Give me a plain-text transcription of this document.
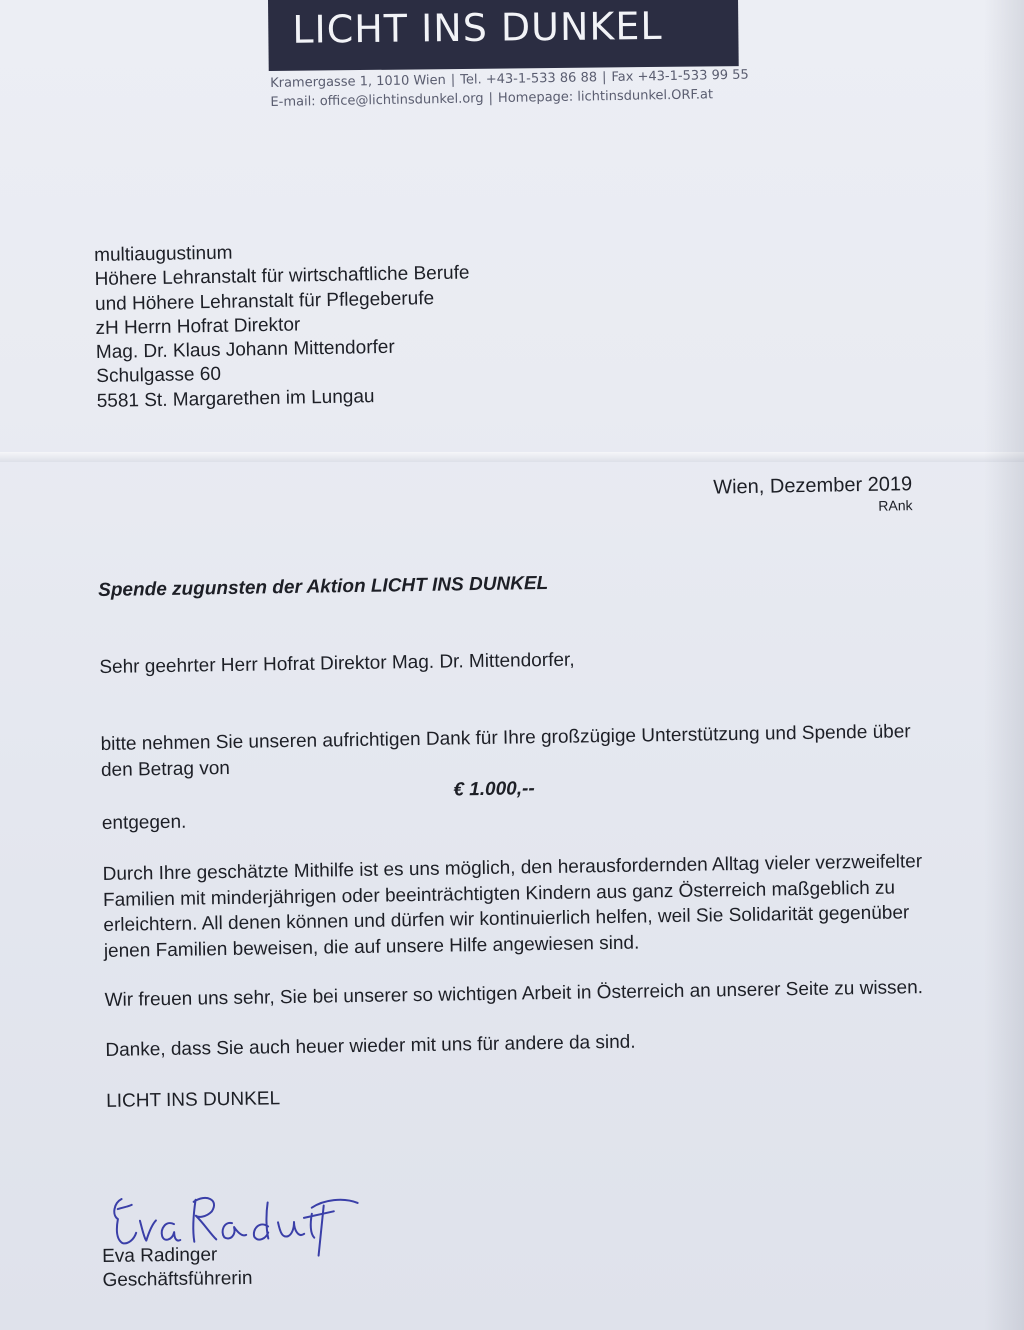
LICHT INS DUNKEL
Kramergasse 1, 1010 Wien | Tel. +43-1-533 86 88 | Fax +43-1-533 99 55
E-mail: office@lichtinsdunkel.org | Homepage: lichtinsdunkel.ORF.at
multiaugustinum
Höhere Lehranstalt für wirtschaftliche Berufe
und Höhere Lehranstalt für Pflegeberufe
zH Herrn Hofrat Direktor
Mag. Dr. Klaus Johann Mittendorfer
Schulgasse 60
5581 St. Margarethen im Lungau
Wien, Dezember 2019
RAnk

Spende zugunsten der Aktion LICHT INS DUNKEL

Sehr geehrter Herr Hofrat Direktor Mag. Dr. Mittendorfer,

bitte nehmen Sie unseren aufrichtigen Dank für Ihre großzügige Unterstützung und Spende über den Betrag von

€ 1.000,--

entgegen.

Durch Ihre geschätzte Mithilfe ist es uns möglich, den herausfordernden Alltag vieler verzweifelter Familien mit minderjährigen oder beeinträchtigten Kindern aus ganz Österreich maßgeblich zu erleichtern. All denen können und dürfen wir kontinuierlich helfen, weil Sie Solidarität gegenüber jenen Familien beweisen, die auf unsere Hilfe angewiesen sind.

Wir freuen uns sehr, Sie bei unserer so wichtigen Arbeit in Österreich an unserer Seite zu wissen.

Danke, dass Sie auch heuer wieder mit uns für andere da sind.

LICHT INS DUNKEL

Eva Radinger
Geschäftsführerin
